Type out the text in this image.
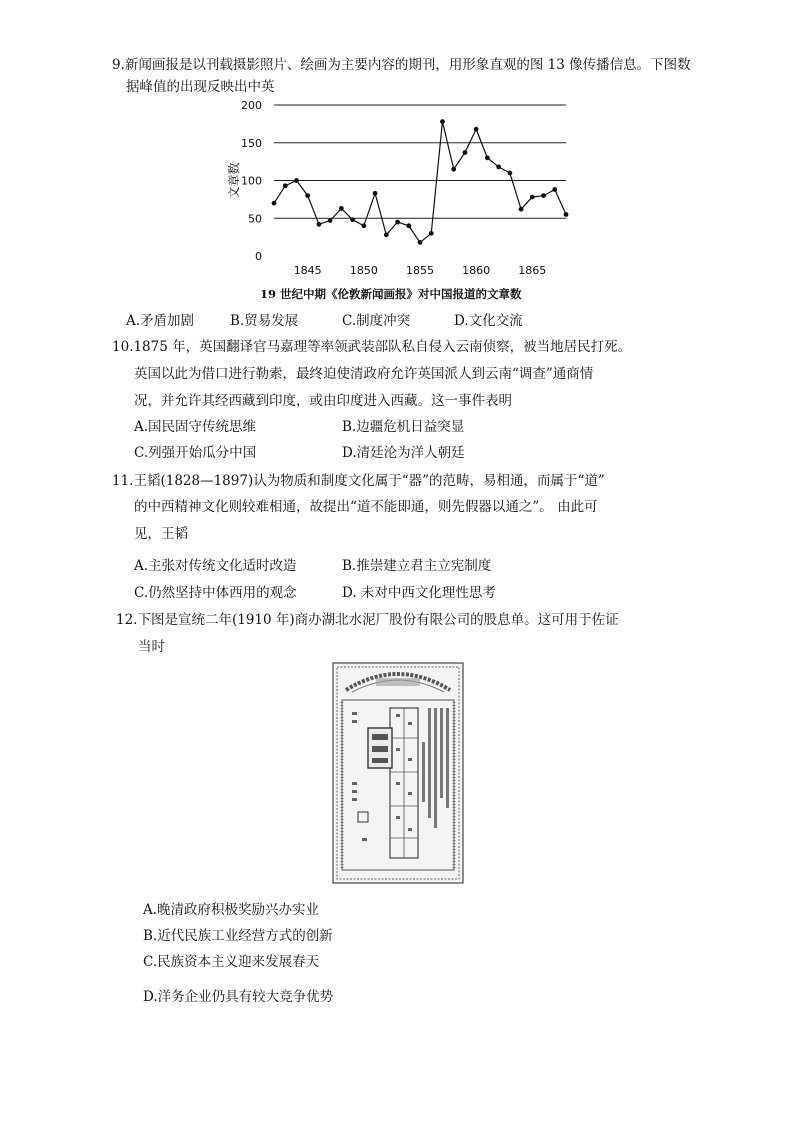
9.新闻画报是以刊载摄影照片、绘画为主要内容的期刊，用形象直观的图 13 像传播信息。下图数
据峰值的出现反映出中英
0
50
100
150
200
1845	1850	1855	1860	1865
文章数
19 世纪中期《伦敦新闻画报》对中国报道的文章数
A.矛盾加剧	B.贸易发展	C.制度冲突	D.文化交流
10.1875 年，英国翻译官马嘉理等率领武装部队私自侵入云南侦察，被当地居民打死。
英国以此为借口进行勒索，最终迫使清政府允许英国派人到云南“调查”通商情
况，并允许其经西藏到印度，或由印度进入西藏。这一事件表明
A.国民固守传统思维	B.边疆危机日益突显
C.列强开始瓜分中国	D.清廷沦为洋人朝廷
11.王韬(1828—1897)认为物质和制度文化属于“器”的范畴，易相通，而属于“道”
的中西精神文化则较难相通，故提出“道不能即通，则先假器以通之”。 由此可
见，王韬
A.主张对传统文化适时改造	B.推崇建立君主立宪制度
C.仍然坚持中体西用的观念	D. 未对中西文化理性思考
12.下图是宣统二年(1910 年)商办湖北水泥厂股份有限公司的股息单。这可用于佐证
当时
A.晚清政府积极奖励兴办实业
B.近代民族工业经营方式的创新
C.民族资本主义迎来发展春天
D.洋务企业仍具有较大竞争优势
